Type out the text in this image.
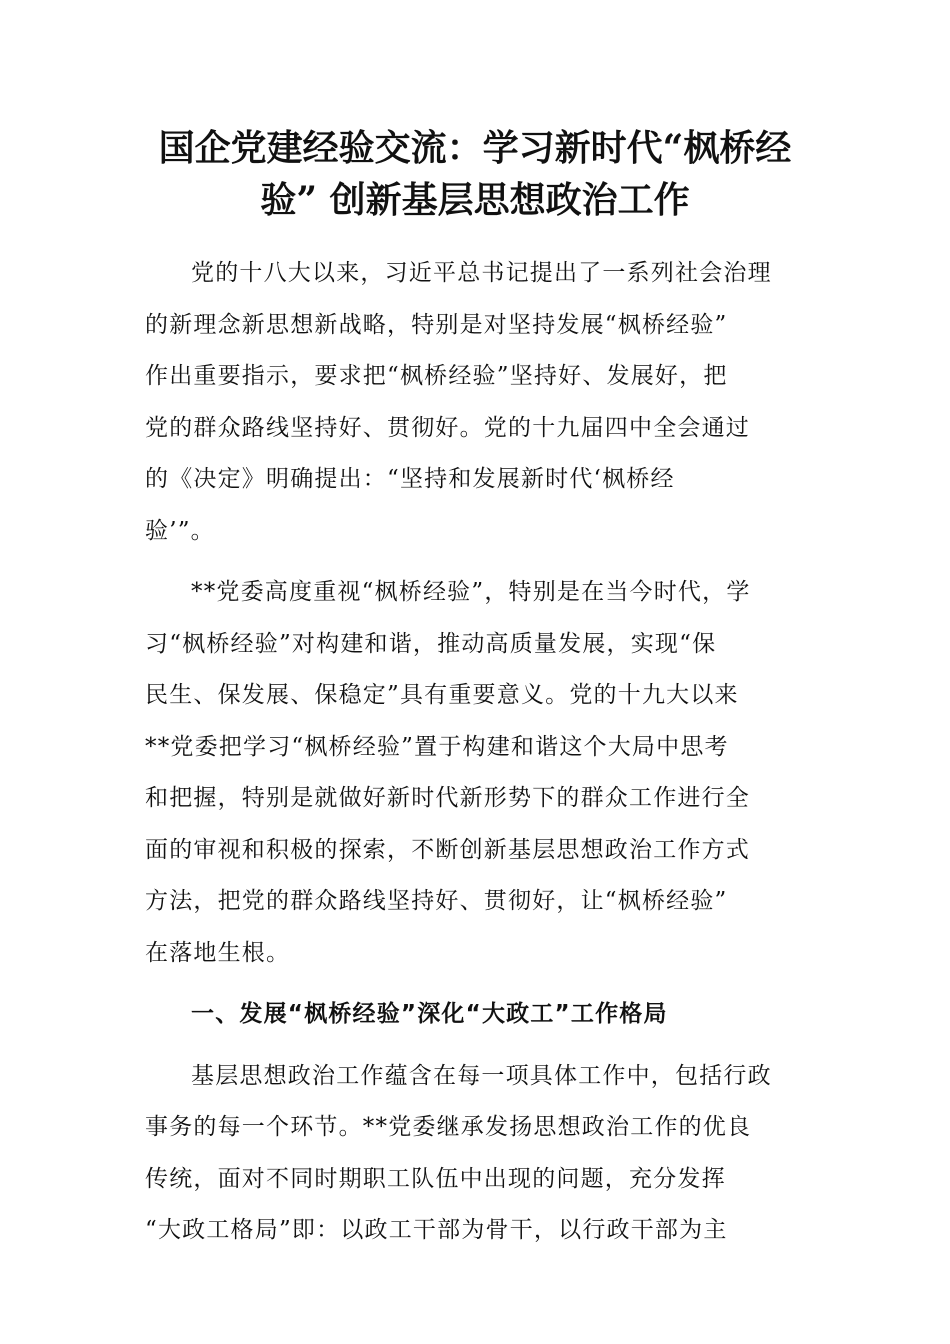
国企党建经验交流：学习新时代“枫桥经
验” 创新基层思想政治工作

党的十八大以来，习近平总书记提出了一系列社会治理
的新理念新思想新战略，特别是对坚持发展“枫桥经验”
作出重要指示，要求把“枫桥经验”坚持好、发展好，把
党的群众路线坚持好、贯彻好。党的十九届四中全会通过
的《决定》明确提出：“坚持和发展新时代‘枫桥经
验’”。

**党委高度重视“枫桥经验”，特别是在当今时代，学
习“枫桥经验”对构建和谐，推动高质量发展，实现“保
民生、保发展、保稳定”具有重要意义。党的十九大以来
**党委把学习“枫桥经验”置于构建和谐这个大局中思考
和把握，特别是就做好新时代新形势下的群众工作进行全
面的审视和积极的探索，不断创新基层思想政治工作方式
方法，把党的群众路线坚持好、贯彻好，让“枫桥经验”
在落地生根。

一、发展“枫桥经验”深化“大政工”工作格局

基层思想政治工作蕴含在每一项具体工作中，包括行政
事务的每一个环节。**党委继承发扬思想政治工作的优良
传统，面对不同时期职工队伍中出现的问题，充分发挥
“大政工格局”即：以政工干部为骨干，以行政干部为主
